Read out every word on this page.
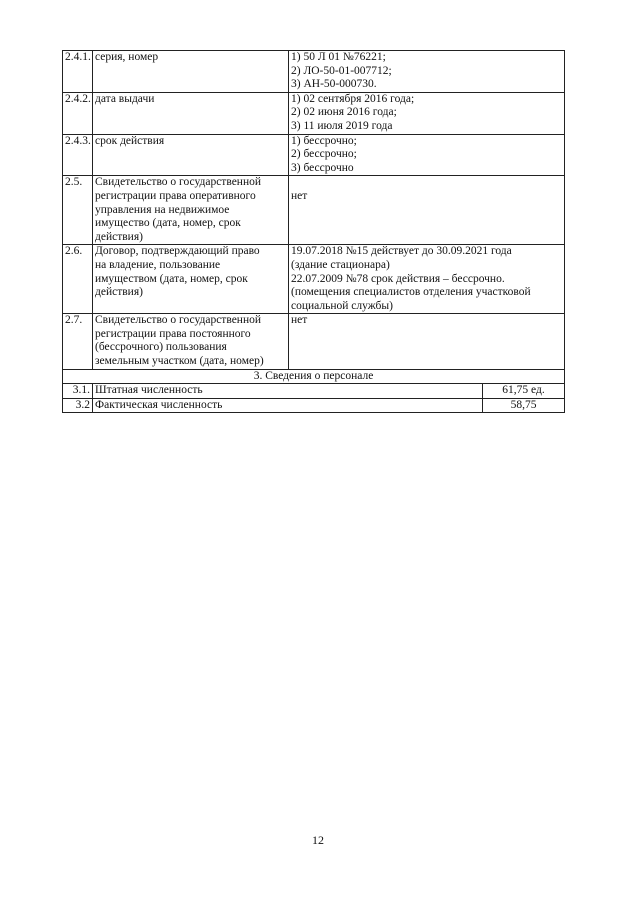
2.4.1.	серия, номер	1) 50 Л 01 №76221;
2) ЛО-50-01-007712;
3) АН-50-000730.	

2.4.2.	дата выдачи	1) 02 сентября 2016 года;
2) 02 июня 2016 года;
3) 11 июля 2019 года	

2.4.3.	срок действия	1) бессрочно;
2) бессрочно;
3) бессрочно	

2.5.	Свидетельство о государственной
регистрации права оперативного
управления на недвижимое
имущество (дата, номер, срок
действия)	нет	

2.6.	Договор, подтверждающий право
на владение, пользование
имуществом (дата, номер, срок
действия)	19.07.2018 №15 действует до 30.09.2021 года
(здание стационара)
22.07.2009 №78 срок действия – бессрочно.
(помещения специалистов отделения участковой
социальной службы)	

2.7.	Свидетельство о государственной
регистрации права постоянного
(бессрочного) пользования
земельным участком (дата, номер)	нет	

3. Сведения о персонале			
3.1.	Штатная численность		61,75 ед.
3.2	Фактическая численность		58,75
12
